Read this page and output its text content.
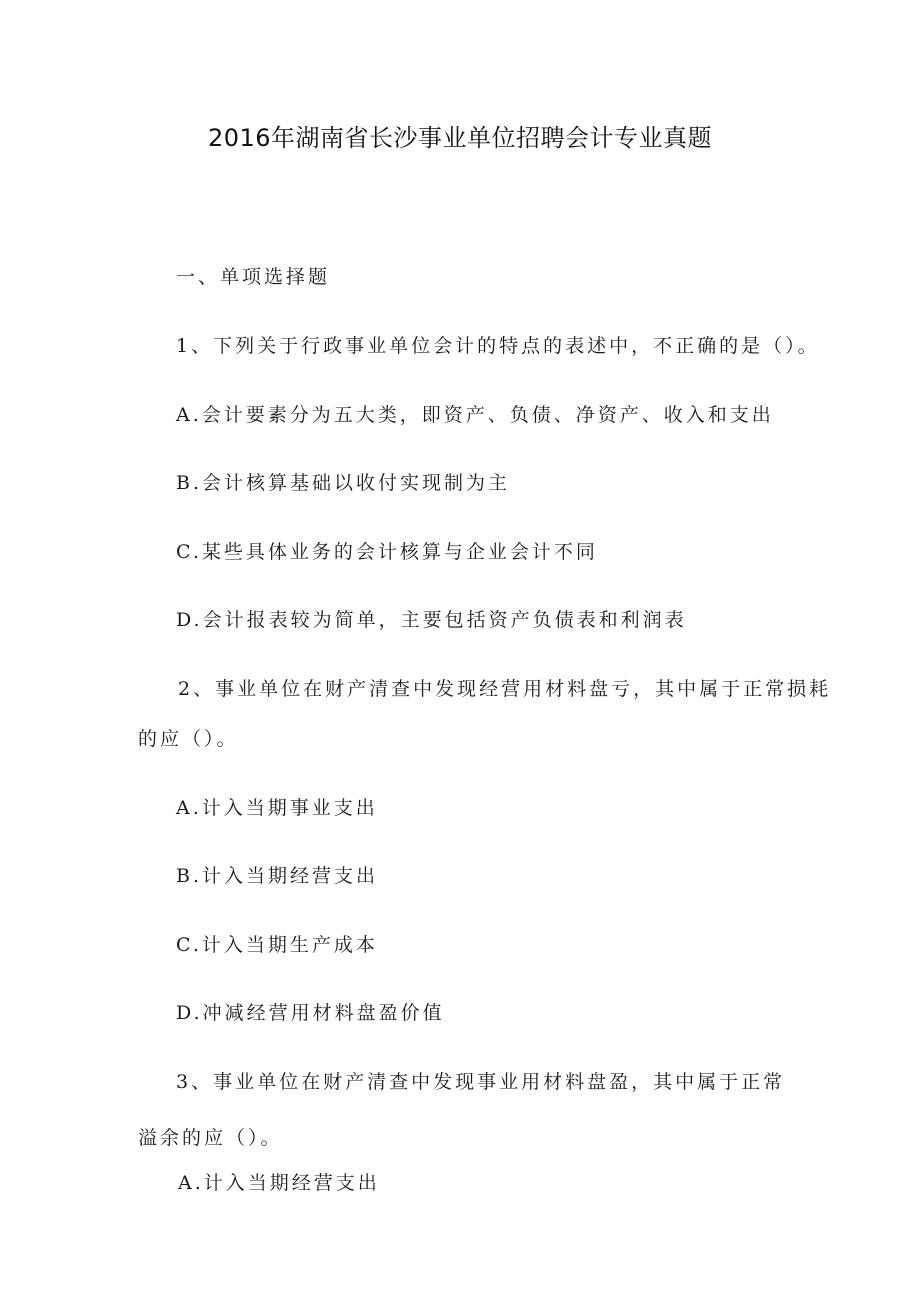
2016年湖南省长沙事业单位招聘会计专业真题
一、单项选择题
1、下列关于行政事业单位会计的特点的表述中，不正确的是（）。
A.会计要素分为五大类，即资产、负债、净资产、收入和支出
B.会计核算基础以收付实现制为主
C.某些具体业务的会计核算与企业会计不同
D.会计报表较为简单，主要包括资产负债表和利润表
2、事业单位在财产清查中发现经营用材料盘亏，其中属于正常损耗
的应（）。
A.计入当期事业支出
B.计入当期经营支出
C.计入当期生产成本
D.冲减经营用材料盘盈价值
3、事业单位在财产清查中发现事业用材料盘盈，其中属于正常
溢余的应（）。
A.计入当期经营支出
